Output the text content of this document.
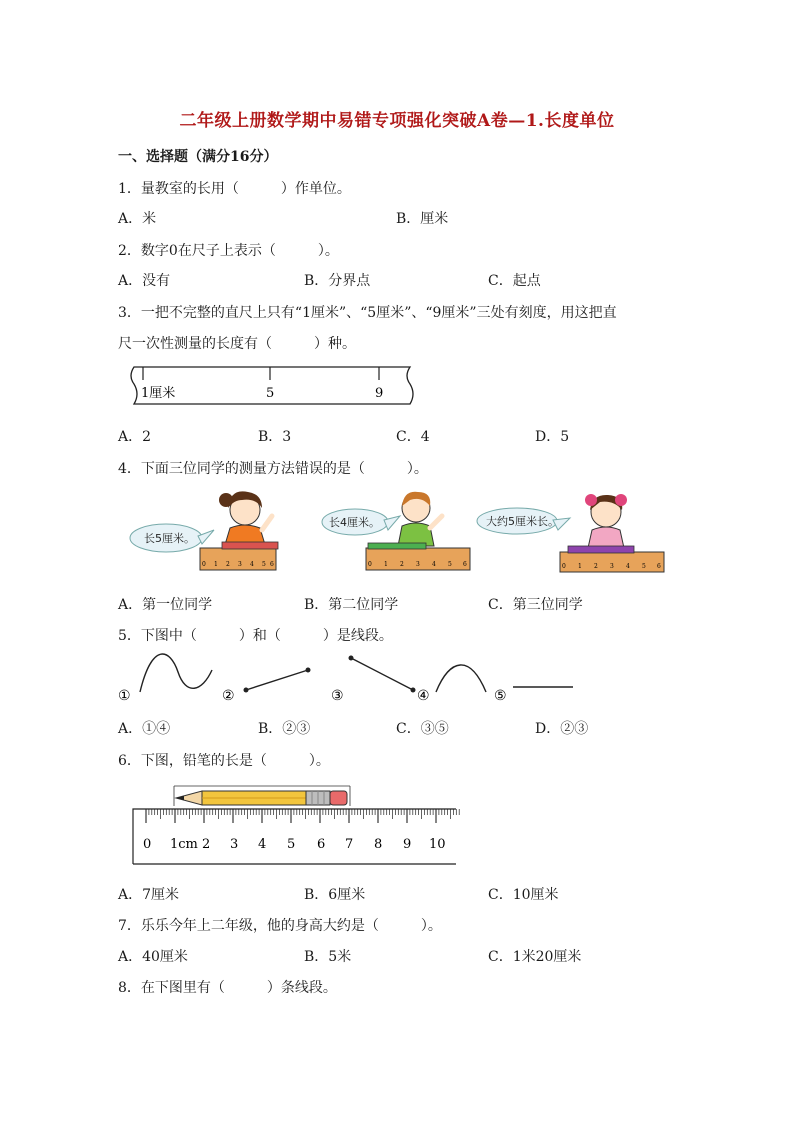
二年级上册数学期中易错专项强化突破A卷—1.长度单位
一、选择题（满分16分）
1．量教室的长用（　　　）作单位。
A．米	B．厘米
2．数字0在尺子上表示（　　　）。
A．没有	B．分界点	C．起点
3．一把不完整的直尺上只有“1厘米”、“5厘米”、“9厘米”三处有刻度，用这把直
尺一次性测量的长度有（　　　）种。
1厘米	5	9
A．2	B．3	C．4	D．5
4．下面三位同学的测量方法错误的是（　　　）。
长5厘米。
长4厘米。	大约5厘米长。
0 1 2 3 4 5 6	0 1 2 3 4 5 6	0 1 2 3 4 5 6
A．第一位同学	B．第二位同学	C．第三位同学
5．下图中（　　　）和（　　　）是线段。
①	②	③	④	⑤
A．①④	B．②③	C．③⑤	D．②③
6．下图，铅笔的长是（　　　）。
0 1cm 2 3 4 5 6 7 8 9 10
A．7厘米	B．6厘米	C．10厘米
7．乐乐今年上二年级，他的身高大约是（　　　）。
A．40厘米	B．5米	C．1米20厘米
8．在下图里有（　　　）条线段。
